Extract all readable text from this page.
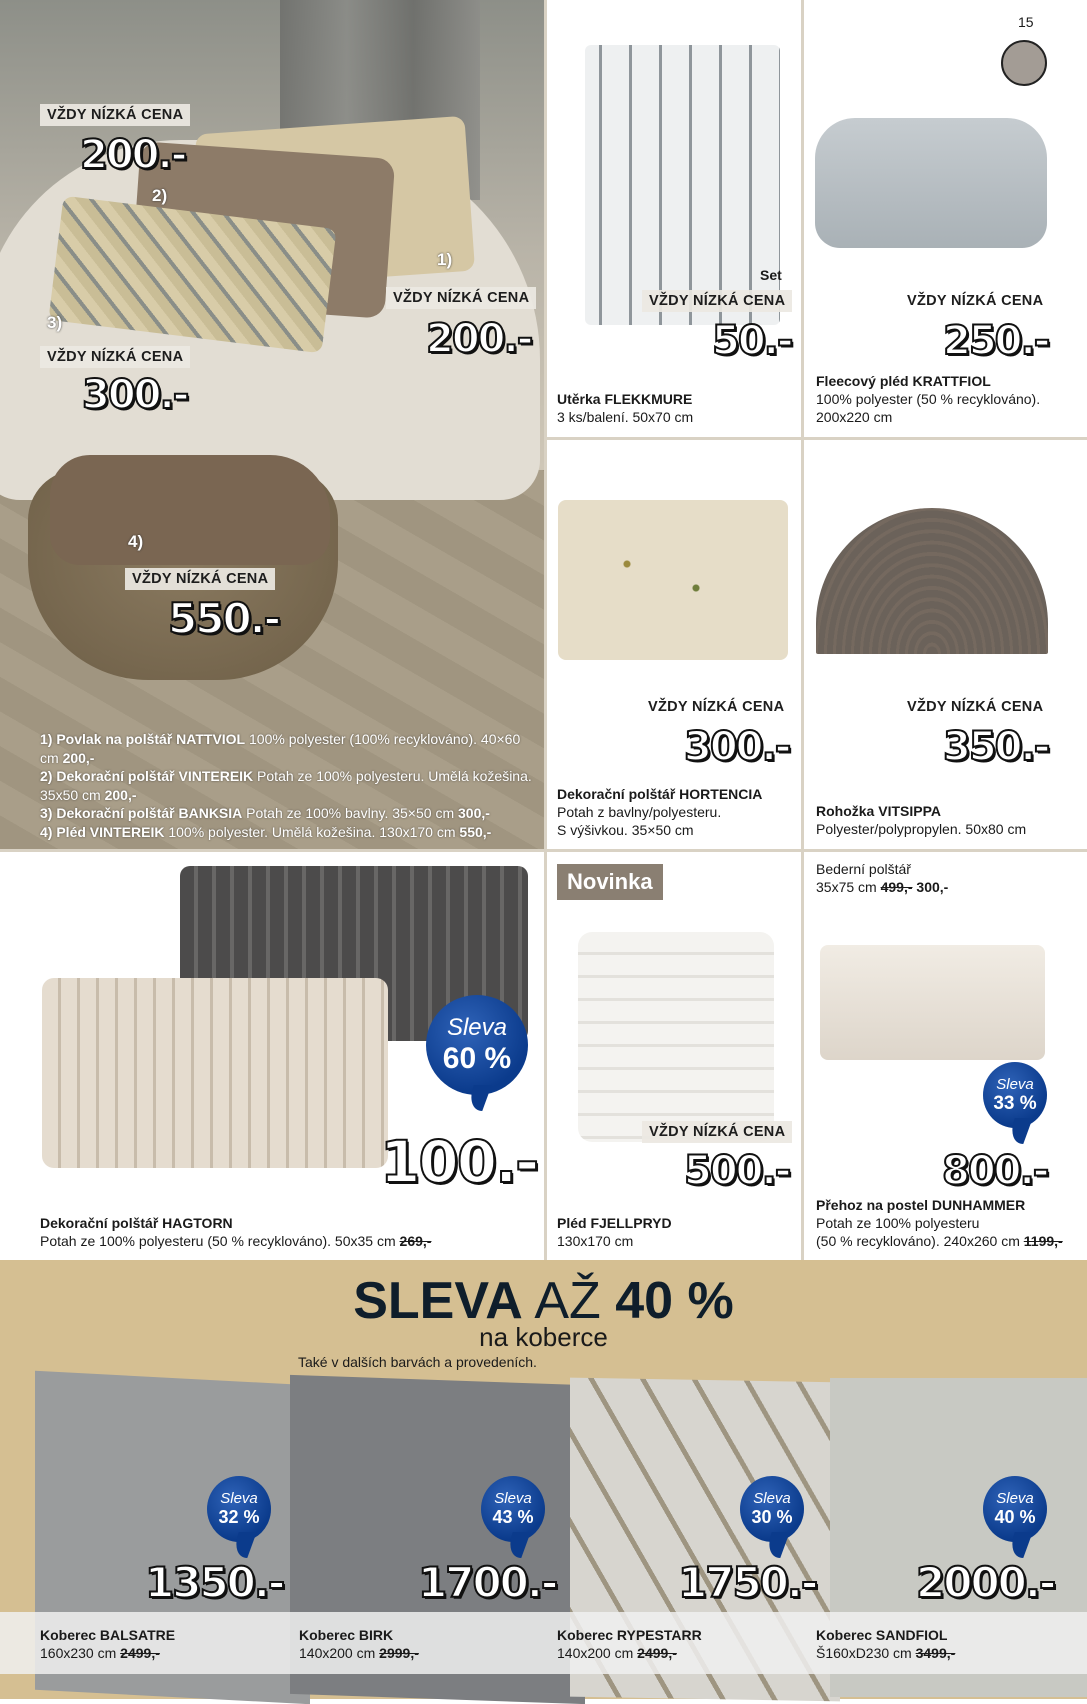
1)
2)
3)
4)
VŽDY NÍZKÁ CENA
200.-
VŽDY NÍZKÁ CENA
200.-
VŽDY NÍZKÁ CENA
300.-
VŽDY NÍZKÁ CENA
550.-
1) Povlak na polštář NATTVIOL 100% polyester (100% recyklováno). 40×60 cm 200,-
2) Dekorační polštář VINTEREIK Potah ze 100% polyesteru. Umělá kožešina. 35x50 cm 200,-
3) Dekorační polštář BANKSIA Potah ze 100% bavlny. 35×50 cm 300,-
4) Pléd VINTEREIK 100% polyester. Umělá kožešina. 130x170 cm 550,-
15
Set
VŽDY NÍZKÁ CENA
50.-
Utěrka FLEKKMURE
3 ks/balení. 50x70 cm
VŽDY NÍZKÁ CENA
250.-
Fleecový pléd KRATTFIOL
100% polyester (50 % recyklováno).
200x220 cm
VŽDY NÍZKÁ CENA
300.-
Dekorační polštář HORTENCIA
Potah z bavlny/polyesteru.
S výšivkou. 35×50 cm
VŽDY NÍZKÁ CENA
350.-
Rohožka VITSIPPA
Polyester/polypropylen. 50x80 cm
Sleva
60 %
100.-
Dekorační polštář HAGTORN
Potah ze 100% polyesteru (50 % recyklováno). 50x35 cm 269,-
Novinka
VŽDY NÍZKÁ CENA
500.-
Pléd FJELLPRYD
130x170 cm
Bederní polštář
35x75 cm 499,- 300,-
Sleva
33 %
800.-
Přehoz na postel DUNHAMMER
Potah ze 100% polyesteru
(50 % recyklováno). 240x260 cm 1199,-
SLEVA AŽ 40 %
na koberce
Také v dalších barvách a provedeních.
Sleva
32 %
Sleva
43 %
Sleva
30 %
Sleva
40 %
1350.-	1700.-	1750.- 2000.-
Koberec BALSATRE
160x230 cm 2499,-
Koberec BIRK
140x200 cm 2999,-
Koberec RYPESTARR
140x200 cm 2499,-
Koberec SANDFIOL
Š160xD230 cm 3499,-
